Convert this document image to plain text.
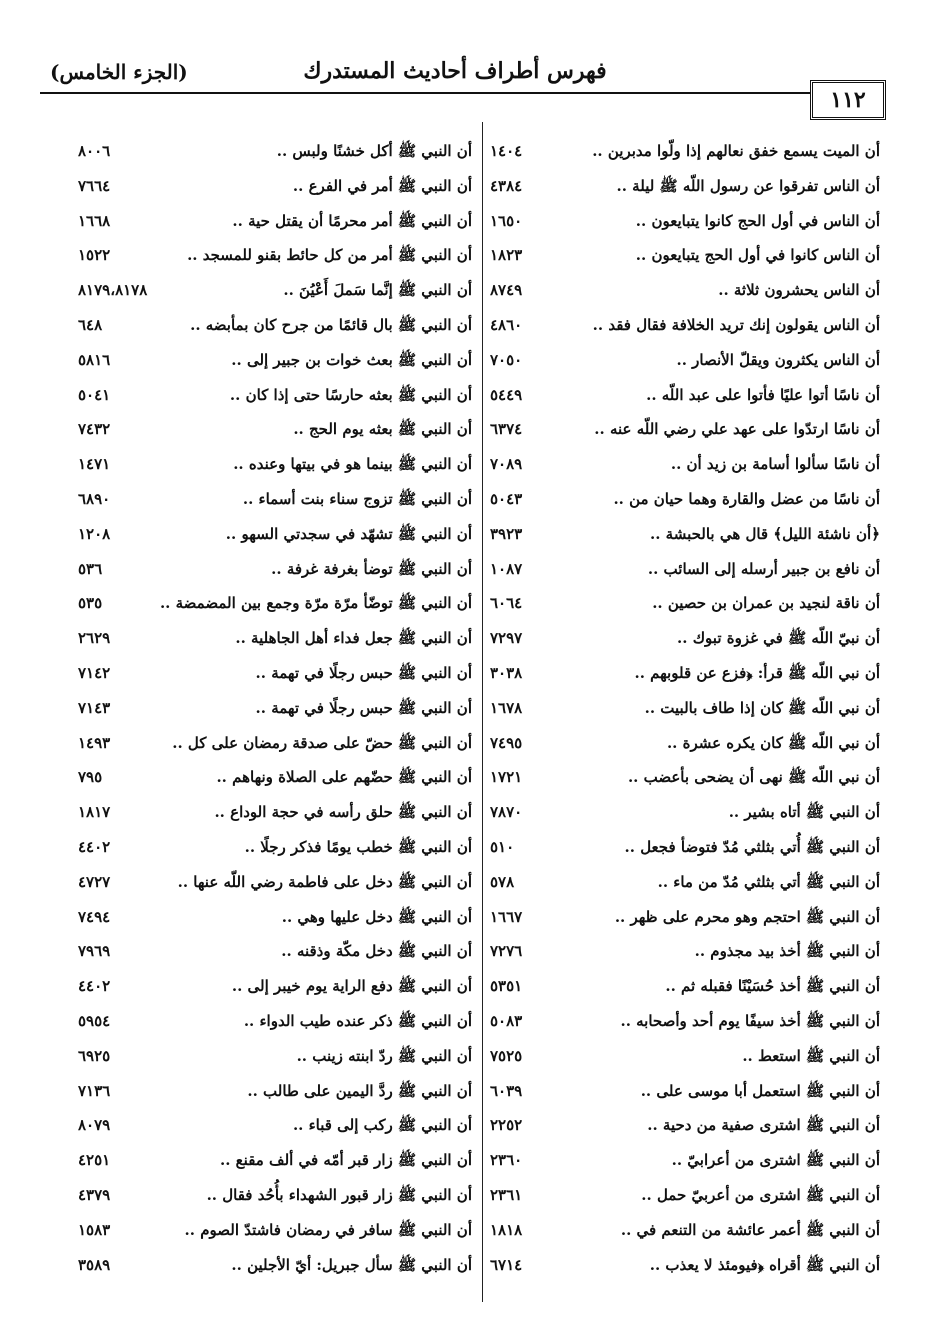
فهرس أطراف أحاديث المستدرك
(الجزء الخامس)
١١٢
أن الميت يسمع خفق نعالهم إذا ولّوا مدبرين ..
١٤٠٤
أن الناس تفرقوا عن رسول اللّه ﷺ ليلة ..
٤٣٨٤
أن الناس في أول الحج كانوا يتبايعون ..
١٦٥٠
أن الناس كانوا في أول الحج يتبايعون ..
١٨٢٣
أن الناس يحشرون ثلاثة ..
٨٧٤٩
أن الناس يقولون إنك تريد الخلافة فقال فقد ..
٤٨٦٠
أن الناس يكثرون ويقلّ الأنصار ..
٧٠٥٠
أن ناسًا أتوا عليًا فأتوا على عبد اللّه ..
٥٤٤٩
أن ناسًا ارتدّوا على عهد علي رضي اللّه عنه ..
٦٣٧٤
أن ناسًا سألوا أسامة بن زيد أن ..
٧٠٨٩
أن ناسًا من عضل والقارة وهما حيان من ..
٥٠٤٣
﴿أن ناشئة الليل﴾ قال هي بالحبشة ..
٣٩٢٣
أن نافع بن جبير أرسله إلى السائب ..
١٠٨٧
أن ناقة لنجيد بن عمران بن حصين ..
٦٠٦٤
أن نبيّ اللّه ﷺ في غزوة تبوك ..
٧٢٩٧
أن نبي اللّه ﷺ قرأ: ﴿فزع عن قلوبهم ..
٣٠٣٨
أن نبي اللّه ﷺ كان إذا طاف بالبيت ..
١٦٧٨
أن نبي اللّه ﷺ كان يكره عشرة ..
٧٤٩٥
أن نبي اللّه ﷺ نهى أن يضحى بأعضب ..
١٧٢١
أن النبي ﷺ أتاه بشير ..
٧٨٧٠
أن النبي ﷺ أُتي بثلثي مُدّ فتوضأ فجعل ..
٥١٠
أن النبي ﷺ أتي بثلثي مُدّ من ماء ..
٥٧٨
أن النبي ﷺ احتجم وهو محرم على ظهر ..
١٦٦٧
أن النبي ﷺ أخذ بيد مجذوم ..
٧٢٧٦
أن النبي ﷺ أخذ حُسَيْنًا فقبله ثم ..
٥٣٥١
أن النبي ﷺ أخذ سيفًا يوم أحد وأصحابه ..
٥٠٨٣
أن النبي ﷺ استعط ..
٧٥٢٥
أن النبي ﷺ استعمل أبا موسى على ..
٦٠٣٩
أن النبي ﷺ اشترى صفية من دحية ..
٢٢٥٢
أن النبي ﷺ اشترى من أعرابيّ ..
٢٣٦٠
أن النبي ﷺ اشترى من أعربيّ حمل ..
٢٣٦١
أن النبي ﷺ أعمر عائشة من التنعم في ..
١٨١٨
أن النبي ﷺ أقراه ﴿فيومئذ لا يعذب ..
٦٧١٤
أن النبي ﷺ أكل خشنًا ولبس ..
٨٠٠٦
أن النبي ﷺ أمر في الفرع ..
٧٦٦٤
أن النبي ﷺ أمر محرمًا أن يقتل حية ..
١٦٦٨
أن النبي ﷺ أمر من كل حائط بقنو للمسجد ..
١٥٢٢
أن النبي ﷺ إنَّما سَملَ أَعْيُنَ ..
٨١٧٩،٨١٧٨
أن النبي ﷺ بال قائمًا من جرح كان بمأبضه ..
٦٤٨
أن النبي ﷺ بعث خوات بن جبير إلى ..
٥٨١٦
أن النبي ﷺ بعثه حارسًا حتى إذا كان ..
٥٠٤١
أن النبي ﷺ بعثه يوم الحج ..
٧٤٣٢
أن النبي ﷺ بينما هو في بيتها وعنده ..
١٤٧١
أن النبي ﷺ تزوج سناء بنت أسماء ..
٦٨٩٠
أن النبي ﷺ تشهّد في سجدتي السهو ..
١٢٠٨
أن النبي ﷺ توضأ بغرفة غرفة ..
٥٣٦
أن النبي ﷺ توضّأ مرّة مرّة وجمع بين المضمضة ..
٥٣٥
أن النبي ﷺ جعل فداء أهل الجاهلية ..
٢٦٢٩
أن النبي ﷺ حبس رجلًا في تهمة ..
٧١٤٢
أن النبي ﷺ حبس رجلًا في تهمة ..
٧١٤٣
أن النبي ﷺ حضّ على صدقة رمضان على كل ..
١٤٩٣
أن النبي ﷺ حضّهم على الصلاة ونهاهم ..
٧٩٥
أن النبي ﷺ حلق رأسه في حجة الوداع ..
١٨١٧
أن النبي ﷺ خطب يومًا فذكر رجلًا ..
٤٤٠٢
أن النبي ﷺ دخل على فاطمة رضي اللّه عنها ..
٤٧٢٧
أن النبي ﷺ دخل عليها وهي ..
٧٤٩٤
أن النبي ﷺ دخل مكّة وذقنه ..
٧٩٦٩
أن النبي ﷺ دفع الراية يوم خيبر إلى ..
٤٤٠٢
أن النبي ﷺ ذكر عنده طيب الدواء ..
٥٩٥٤
أن النبي ﷺ ردّ ابنته زينب ..
٦٩٢٥
أن النبي ﷺ ردَّ اليمين على طالب ..
٧١٣٦
أن النبي ﷺ ركب إلى قباء ..
٨٠٧٩
أن النبي ﷺ زار قبر أمّه في ألف مقنع ..
٤٢٥١
أن النبي ﷺ زار قبور الشهداء بأُحُد فقال ..
٤٣٧٩
أن النبي ﷺ سافر في رمضان فاشتدّ الصوم ..
١٥٨٣
أن النبي ﷺ سأل جبريل: أيّ الأجلين ..
٣٥٨٩
